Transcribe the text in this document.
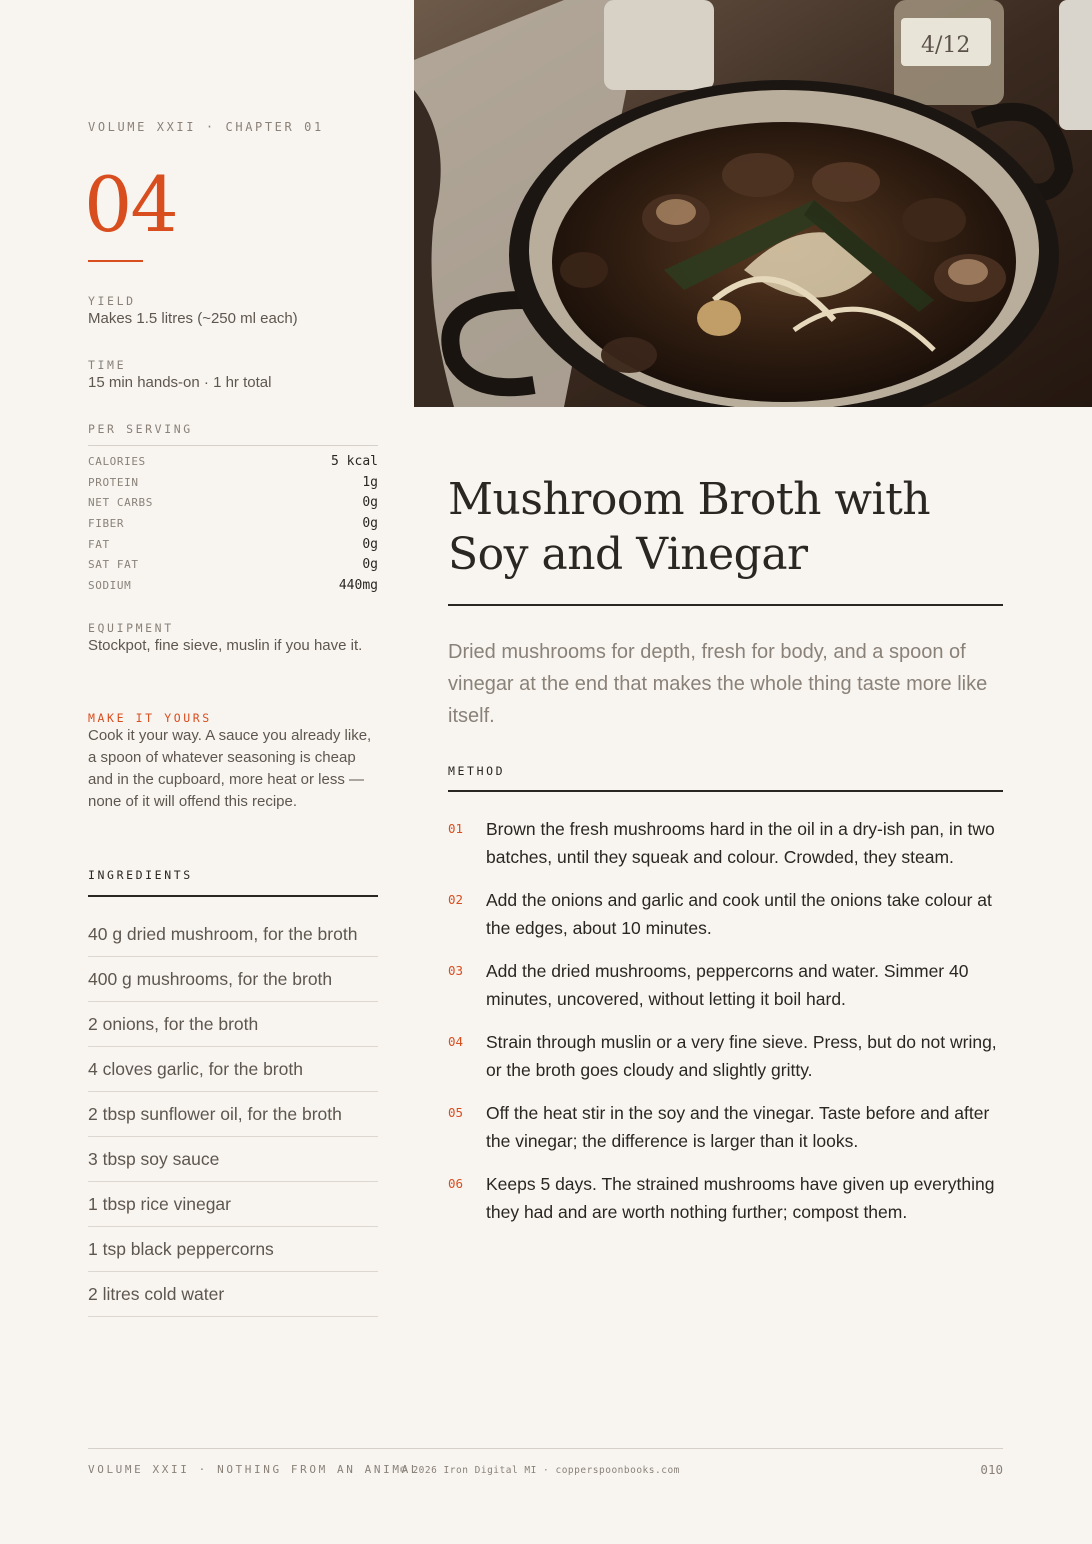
4/12
VOLUME XXII · CHAPTER 01
04
YIELD
Makes 1.5 litres (~250 ml each)
TIME
15 min hands-on · 1 hr total
PER SERVING
CALORIES	5 kcal
PROTEIN	1g
NET CARBS	0g
FIBER	0g
FAT	0g
SAT FAT	0g
SODIUM	440mg
EQUIPMENT
Stockpot, fine sieve, muslin if you have it.
MAKE IT YOURS
Cook it your way. A sauce you already like, a spoon of whatever seasoning is cheap and in the cupboard, more heat or less — none of it will offend this recipe.
INGREDIENTS
40 g dried mushroom, for the broth
400 g mushrooms, for the broth
2 onions, for the broth
4 cloves garlic, for the broth
2 tbsp sunflower oil, for the broth
3 tbsp soy sauce
1 tbsp rice vinegar
1 tsp black peppercorns
2 litres cold water
Mushroom Broth with Soy and Vinegar

Dried mushrooms for depth, fresh for body, and a spoon of vinegar at the end that makes the whole thing taste more like itself.

METHOD
01	Brown the fresh mushrooms hard in the oil in a dry-ish pan, in two batches, until they squeak and colour. Crowded, they steam.
02	Add the onions and garlic and cook until the onions take colour at the edges, about 10 minutes.
03	Add the dried mushrooms, peppercorns and water. Simmer 40 minutes, uncovered, without letting it boil hard.
04	Strain through muslin or a very fine sieve. Press, but do not wring, or the broth goes cloudy and slightly gritty.
05	Off the heat stir in the soy and the vinegar. Taste before and after the vinegar; the difference is larger than it looks.
06	Keeps 5 days. The strained mushrooms have given up everything they had and are worth nothing further; compost them.
VOLUME XXII · NOTHING FROM AN ANIMAL
© 2026 Iron Digital MI · copperspoonbooks.com	010
